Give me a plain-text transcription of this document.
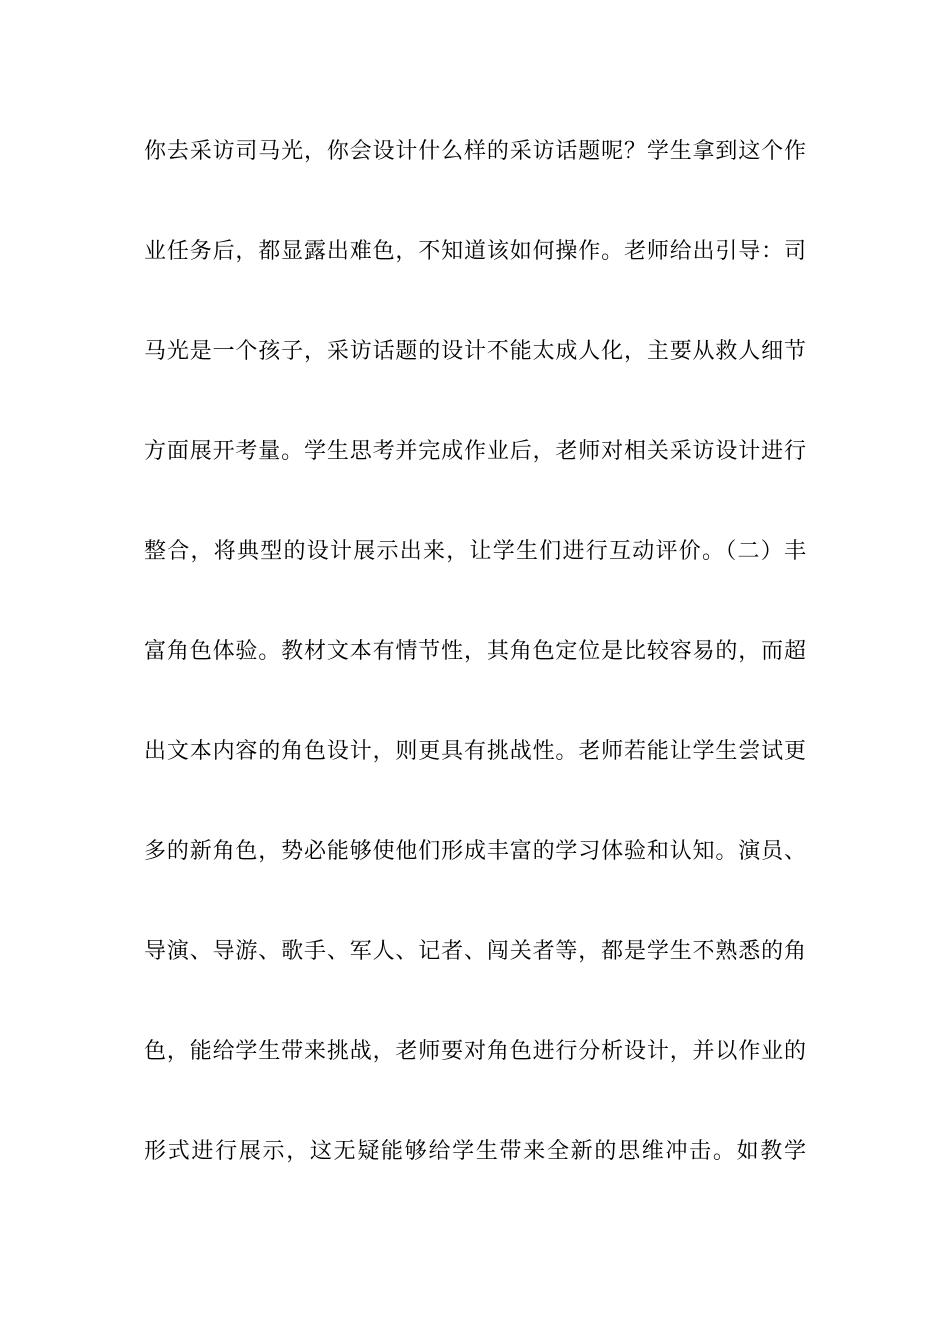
你去采访司马光，你会设计什么样的采访话题呢？学生拿到这个作
业任务后，都显露出难色，不知道该如何操作。老师给出引导：司
马光是一个孩子，采访话题的设计不能太成人化，主要从救人细节
方面展开考量。学生思考并完成作业后，老师对相关采访设计进行
整合，将典型的设计展示出来，让学生们进行互动评价。（二）丰
富角色体验。教材文本有情节性，其角色定位是比较容易的，而超
出文本内容的角色设计，则更具有挑战性。老师若能让学生尝试更
多的新角色，势必能够使他们形成丰富的学习体验和认知。演员、
导演、导游、歌手、军人、记者、闯关者等，都是学生不熟悉的角
色，能给学生带来挑战，老师要对角色进行分析设计，并以作业的
形式进行展示，这无疑能够给学生带来全新的思维冲击。如教学
